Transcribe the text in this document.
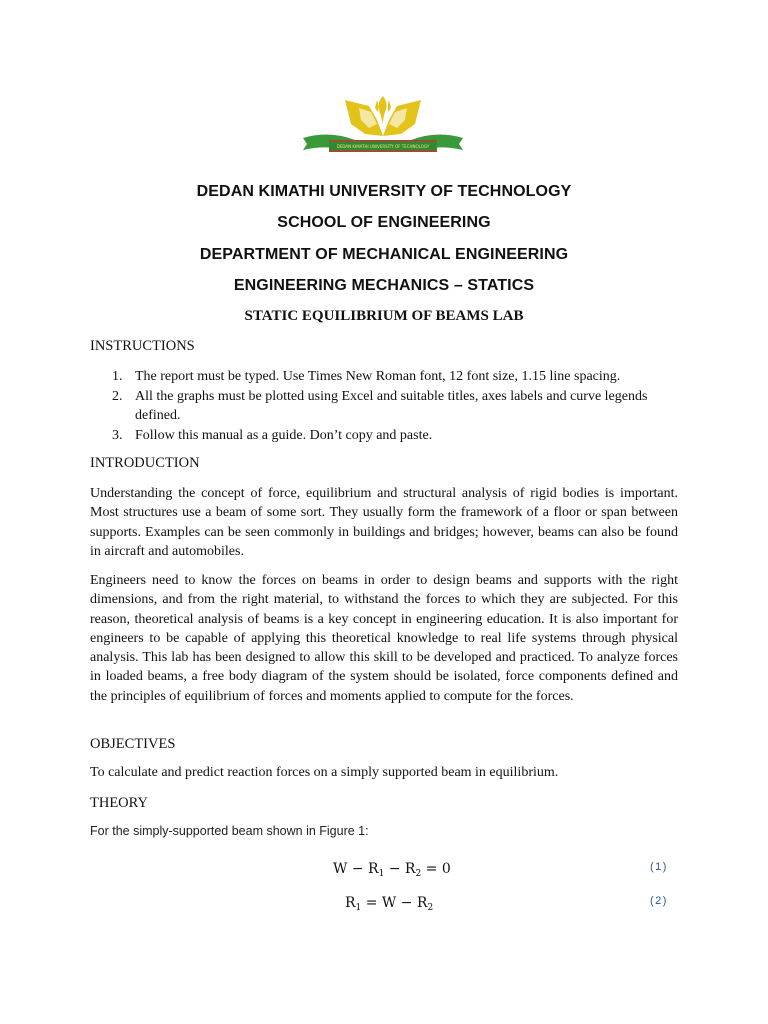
DEDAN KIMATHI UNIVERSITY OF TECHNOLOGY
DEDAN KIMATHI UNIVERSITY OF TECHNOLOGY
SCHOOL OF ENGINEERING
DEPARTMENT OF MECHANICAL ENGINEERING
ENGINEERING MECHANICS – STATICS
STATIC EQUILIBRIUM OF BEAMS LAB
INSTRUCTIONS
1. The report must be typed. Use Times New Roman font, 12 font size, 1.15 line spacing.
2. All the graphs must be plotted using Excel and suitable titles, axes labels and curve legends defined.
3. Follow this manual as a guide. Don’t copy and paste.
INTRODUCTION

Understanding the concept of force, equilibrium and structural analysis of rigid bodies is important. Most structures use a beam of some sort. They usually form the framework of a floor or span between supports. Examples can be seen commonly in buildings and bridges; however, beams can also be found in aircraft and automobiles.

Engineers need to know the forces on beams in order to design beams and supports with the right dimensions, and from the right material, to withstand the forces to which they are subjected. For this reason, theoretical analysis of beams is a key concept in engineering education. It is also important for engineers to be capable of applying this theoretical knowledge to real life systems through physical analysis. This lab has been designed to allow this skill to be developed and practiced. To analyze forces in loaded beams, a free body diagram of the system should be isolated, force components defined and the principles of equilibrium of forces and moments applied to compute for the forces.

OBJECTIVES
To calculate and predict reaction forces on a simply supported beam in equilibrium.
THEORY
For the simply-supported beam shown in Figure 1:
$W - R_1 - R_2 = 0$	(1)
$R_1 = W - R_2$
(2)
